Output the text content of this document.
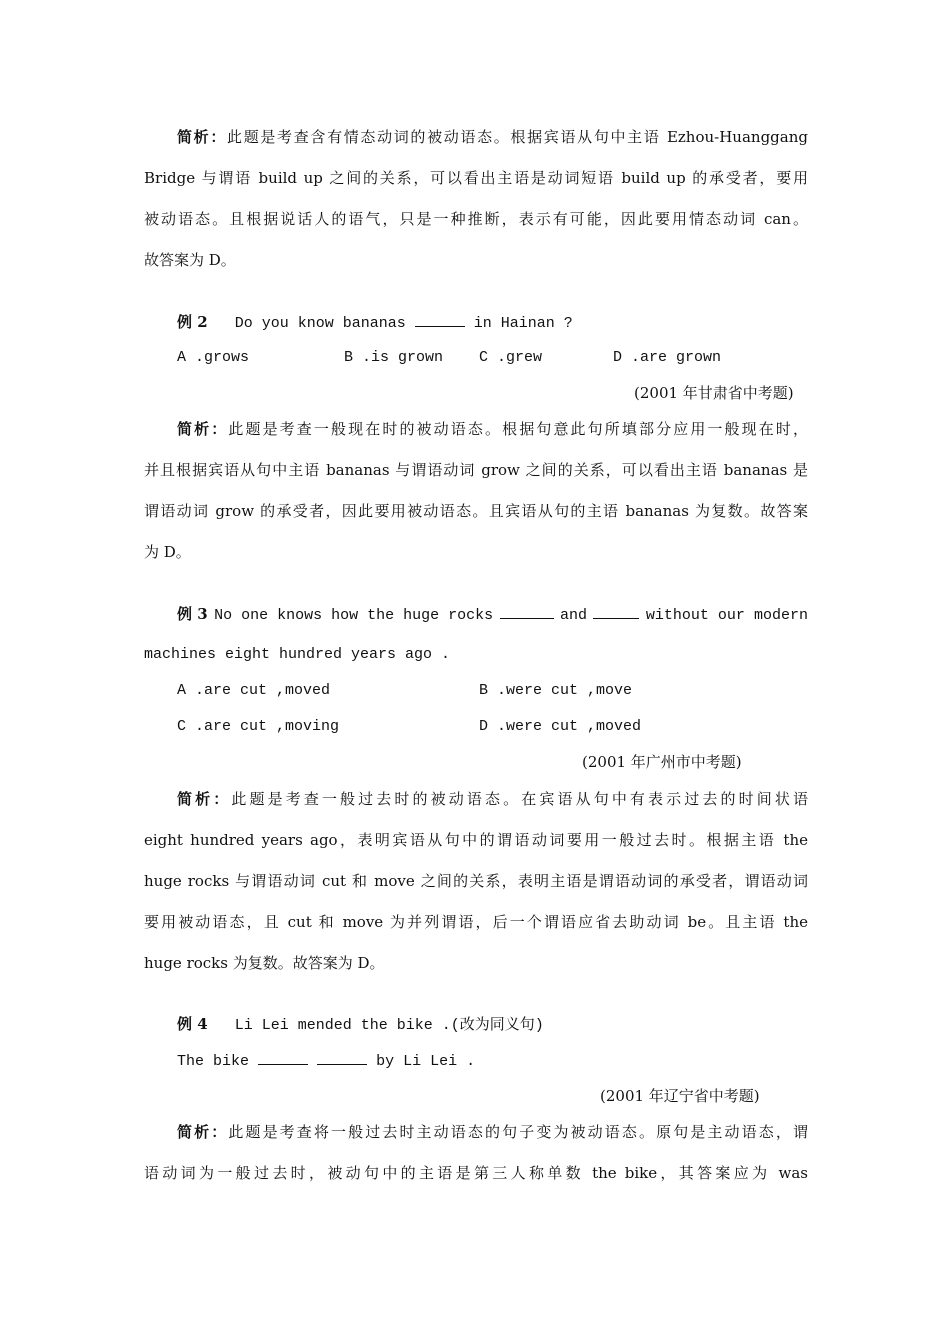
简析：此题是考查含有情态动词的被动语态。根据宾语从句中主语 Ezhou-Huanggang
Bridge 与谓语 build up 之间的关系，可以看出主语是动词短语 build up 的承受者，要用
被动语态。且根据说话人的语气，只是一种推断，表示有可能，因此要用情态动词 can。
故答案为 D。
例 2 Do you know bananas	in Hainan ?
A .grows	B .is grown C .grew	D .are grown
(2001 年甘肃省中考题)
简析：此题是考查一般现在时的被动语态。根据句意此句所填部分应用一般现在时，
并且根据宾语从句中主语 bananas 与谓语动词 grow 之间的关系，可以看出主语 bananas 是
谓语动词 grow 的承受者，因此要用被动语态。且宾语从句的主语 bananas 为复数。故答案
为 D。
例 3 No one knows how the huge rocks	and	without our modern
machines eight hundred years ago .
A .are cut ,moved	B .were cut ,move
C .are cut ,moving	D .were cut ,moved
(2001 年广州市中考题)
简析：此题是考查一般过去时的被动语态。在宾语从句中有表示过去的时间状语
eight hundred years ago，表明宾语从句中的谓语动词要用一般过去时。根据主语 the
huge rocks 与谓语动词 cut 和 move 之间的关系，表明主语是谓语动词的承受者，谓语动词
要用被动语态，且 cut 和 move 为并列谓语，后一个谓语应省去助动词 be。且主语 the
huge rocks 为复数。故答案为 D。
例 4 Li Lei mended the bike .(改为同义句)
The bike	by Li Lei .
(2001 年辽宁省中考题)
简析：此题是考查将一般过去时主动语态的句子变为被动语态。原句是主动语态，谓
语动词为一般过去时，被动句中的主语是第三人称单数 the bike，其答案应为 was
